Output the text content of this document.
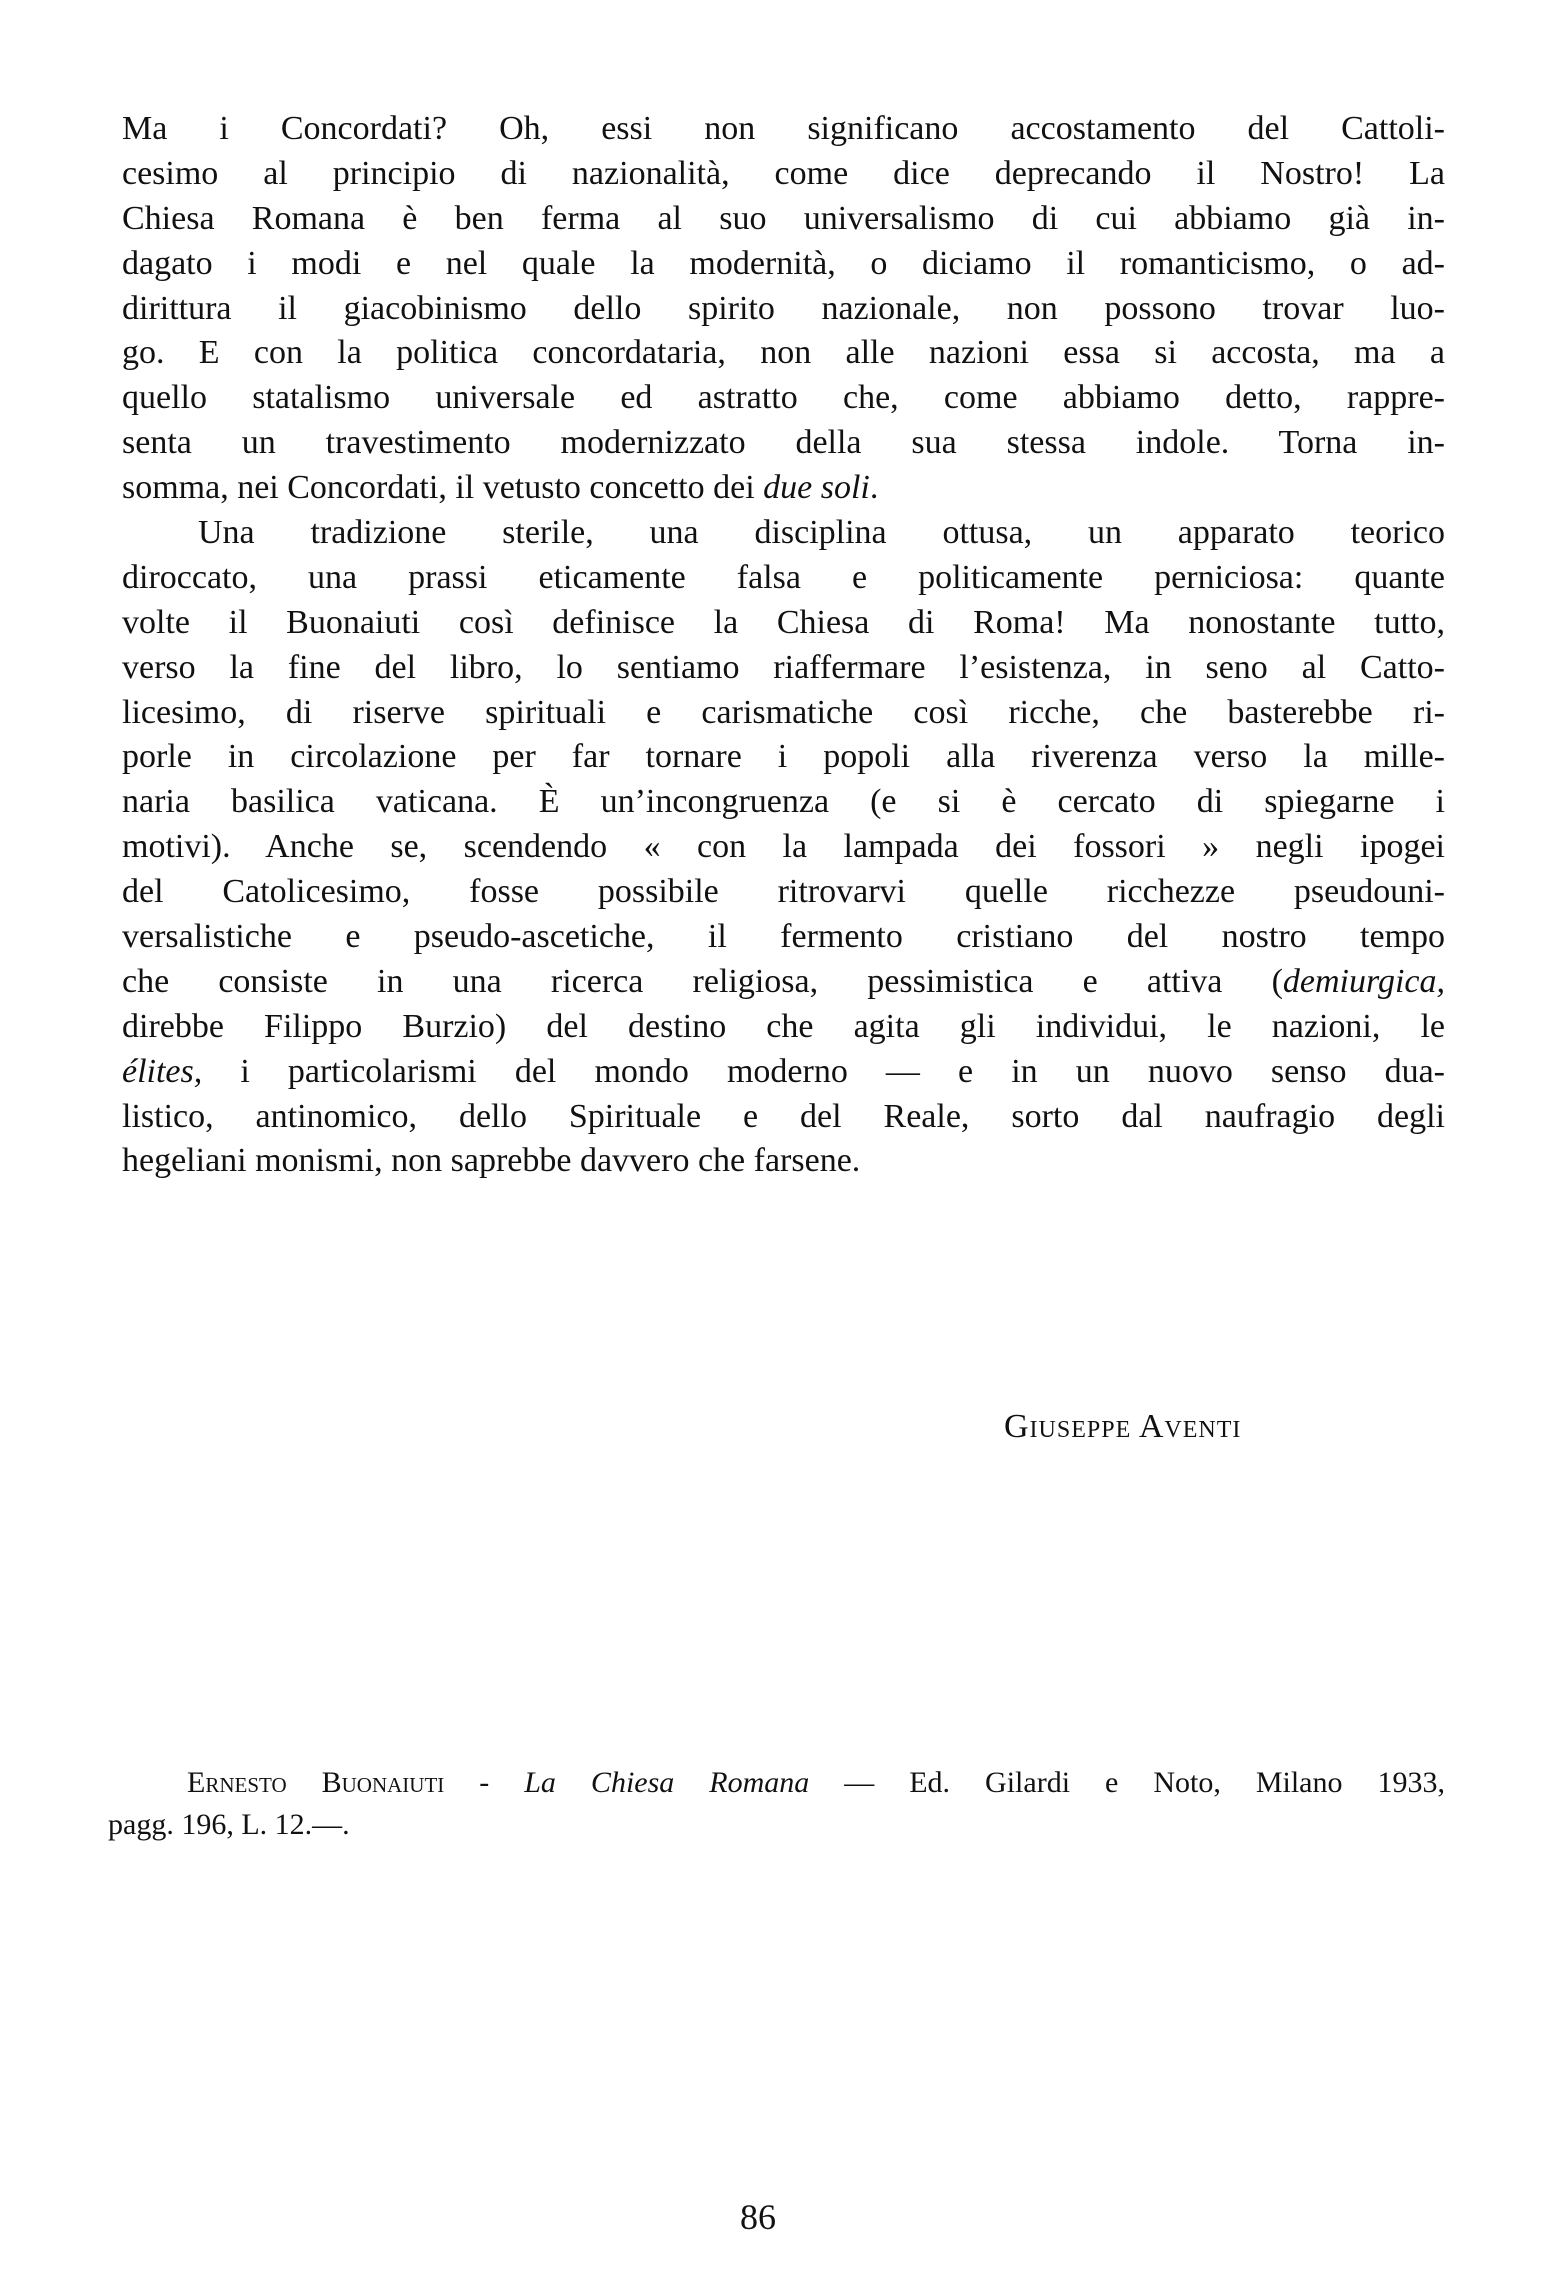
Ma i Concordati? Oh, essi non significano accostamento del Cattoli-
cesimo al principio di nazionalità, come dice deprecando il Nostro! La
Chiesa Romana è ben ferma al suo universalismo di cui abbiamo già in-
dagato i modi e nel quale la modernità, o diciamo il romanticismo, o ad-
dirittura il giacobinismo dello spirito nazionale, non possono trovar luo-
go. E con la politica concordataria, non alle nazioni essa si accosta, ma a
quello statalismo universale ed astratto che, come abbiamo detto, rappre-
senta un travestimento modernizzato della sua stessa indole. Torna in-
somma, nei Concordati, il vetusto concetto dei due soli.
Una tradizione sterile, una disciplina ottusa, un apparato teorico
diroccato, una prassi eticamente falsa e politicamente perniciosa: quante
volte il Buonaiuti così definisce la Chiesa di Roma! Ma nonostante tutto,
verso la fine del libro, lo sentiamo riaffermare l’esistenza, in seno al Catto-
licesimo, di riserve spirituali e carismatiche così ricche, che basterebbe ri-
porle in circolazione per far tornare i popoli alla riverenza verso la mille-
naria basilica vaticana. È un’incongruenza (e si è cercato di spiegarne i
motivi). Anche se, scendendo « con la lampada dei fossori » negli ipogei
del Catolicesimo, fosse possibile ritrovarvi quelle ricchezze pseudouni-
versalistiche e pseudo-ascetiche, il fermento cristiano del nostro tempo
che consiste in una ricerca religiosa, pessimistica e attiva (demiurgica,
direbbe Filippo Burzio) del destino che agita gli individui, le nazioni, le
élites, i particolarismi del mondo moderno — e in un nuovo senso dua-
listico, antinomico, dello Spirituale e del Reale, sorto dal naufragio degli
hegeliani monismi, non saprebbe davvero che farsene.
Giuseppe Aventi
Ernesto Buonaiuti - La Chiesa Romana — Ed. Gilardi e Noto, Milano 1933,
pagg. 196, L. 12.—.
86
